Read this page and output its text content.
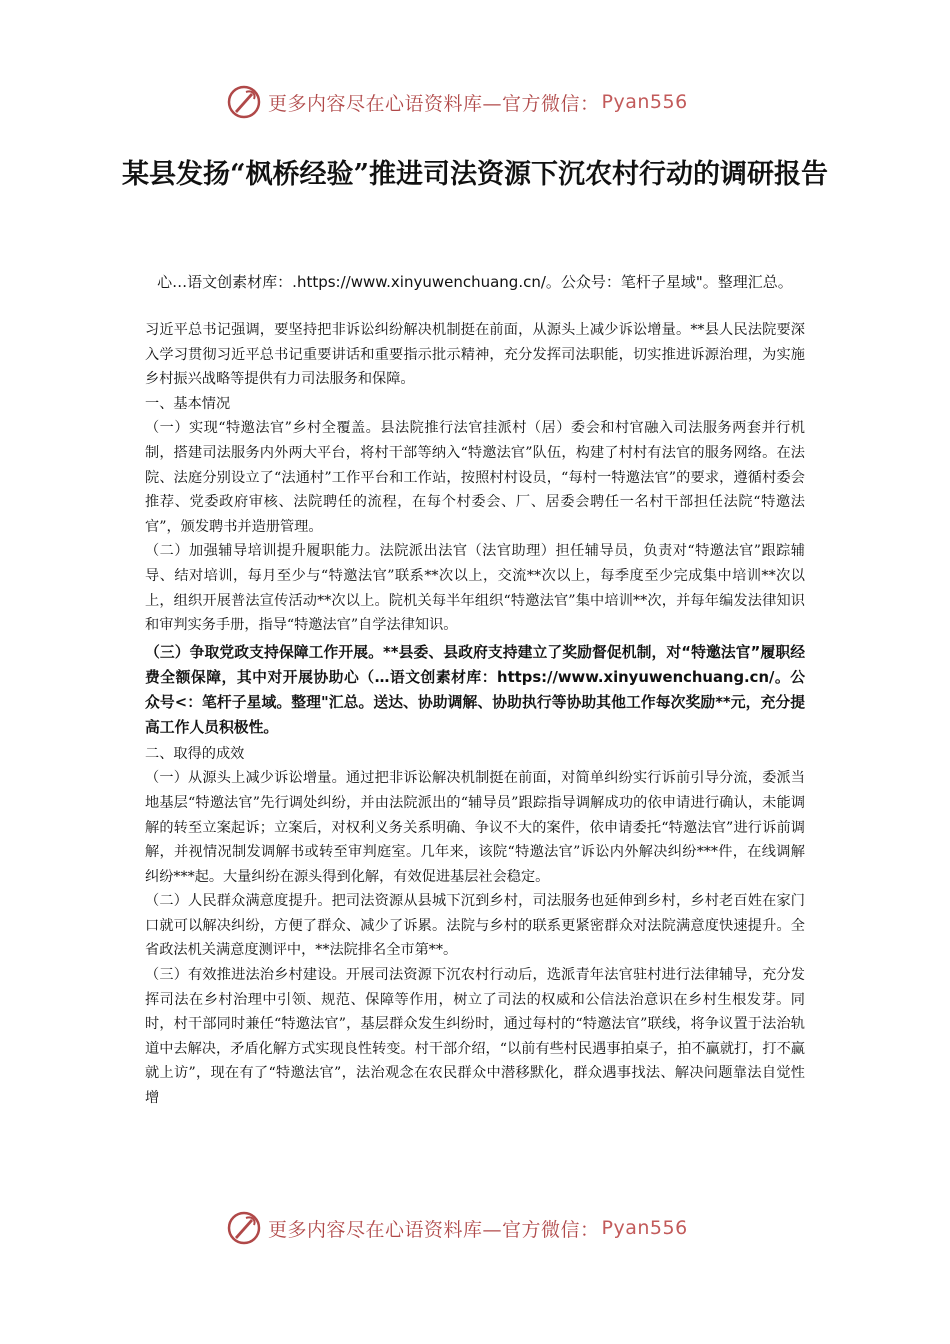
更多内容尽在心语资料库—官方微信： Pyan556
某县发扬“枫桥经验”推进司法资源下沉农村行动的调研报告
心…语文创素材库：.https://www.xinyuwenchuang.cn/。公众号：笔杆子星域"。整理汇总。

习近平总书记强调，要坚持把非诉讼纠纷解决机制挺在前面，从源头上减少诉讼增量。**县人民法院要深入学习贯彻习近平总书记重要讲话和重要指示批示精神，充分发挥司法职能，切实推进诉源治理，为实施乡村振兴战略等提供有力司法服务和保障。

一、基本情况

（一）实现“特邀法官”乡村全覆盖。县法院推行法官挂派村（居）委会和村官融入司法服务两套并行机制，搭建司法服务内外两大平台，将村干部等纳入“特邀法官”队伍，构建了村村有法官的服务网络。在法院、法庭分别设立了“法通村”工作平台和工作站，按照村村设员，“每村一特邀法官”的要求，遵循村委会推荐、党委政府审核、法院聘任的流程，在每个村委会、厂、居委会聘任一名村干部担任法院“特邀法官”，颁发聘书并造册管理。

（二）加强辅导培训提升履职能力。法院派出法官（法官助理）担任辅导员，负责对“特邀法官”跟踪辅导、结对培训，每月至少与“特邀法官”联系**次以上，交流**次以上，每季度至少完成集中培训**次以上，组织开展普法宣传活动**次以上。院机关每半年组织“特邀法官”集中培训**次，并每年编发法律知识和审判实务手册，指导“特邀法官”自学法律知识。

（三）争取党政支持保障工作开展。**县委、县政府支持建立了奖励督促机制，对“特邀法官”履职经费全额保障，其中对开展协助心（…语文创素材库：https://www.xinyuwenchuang.cn/。公众号<：笔杆子星域。整理"汇总。送达、协助调解、协助执行等协助其他工作每次奖励**元，充分提高工作人员积极性。

二、取得的成效

（一）从源头上减少诉讼增量。通过把非诉讼解决机制挺在前面，对简单纠纷实行诉前引导分流，委派当地基层“特邀法官”先行调处纠纷，并由法院派出的“辅导员”跟踪指导调解成功的依申请进行确认，未能调解的转至立案起诉；立案后，对权利义务关系明确、争议不大的案件，依申请委托“特邀法官”进行诉前调解，并视情况制发调解书或转至审判庭室。几年来，该院“特邀法官”诉讼内外解决纠纷***件，在线调解纠纷***起。大量纠纷在源头得到化解，有效促进基层社会稳定。

（二）人民群众满意度提升。把司法资源从县城下沉到乡村，司法服务也延伸到乡村，乡村老百姓在家门口就可以解决纠纷，方便了群众、减少了诉累。法院与乡村的联系更紧密群众对法院满意度快速提升。全省政法机关满意度测评中，**法院排名全市第**。

（三）有效推进法治乡村建设。开展司法资源下沉农村行动后，选派青年法官驻村进行法律辅导，充分发挥司法在乡村治理中引领、规范、保障等作用，树立了司法的权威和公信法治意识在乡村生根发芽。同时，村干部同时兼任“特邀法官”，基层群众发生纠纷时，通过每村的“特邀法官”联线，将争议置于法治轨道中去解决，矛盾化解方式实现良性转变。村干部介绍，“以前有些村民遇事拍桌子，拍不赢就打，打不赢就上访”，现在有了“特邀法官”，法治观念在农民群众中潜移默化，群众遇事找法、解决问题靠法自觉性增

更多内容尽在心语资料库—官方微信： Pyan556
